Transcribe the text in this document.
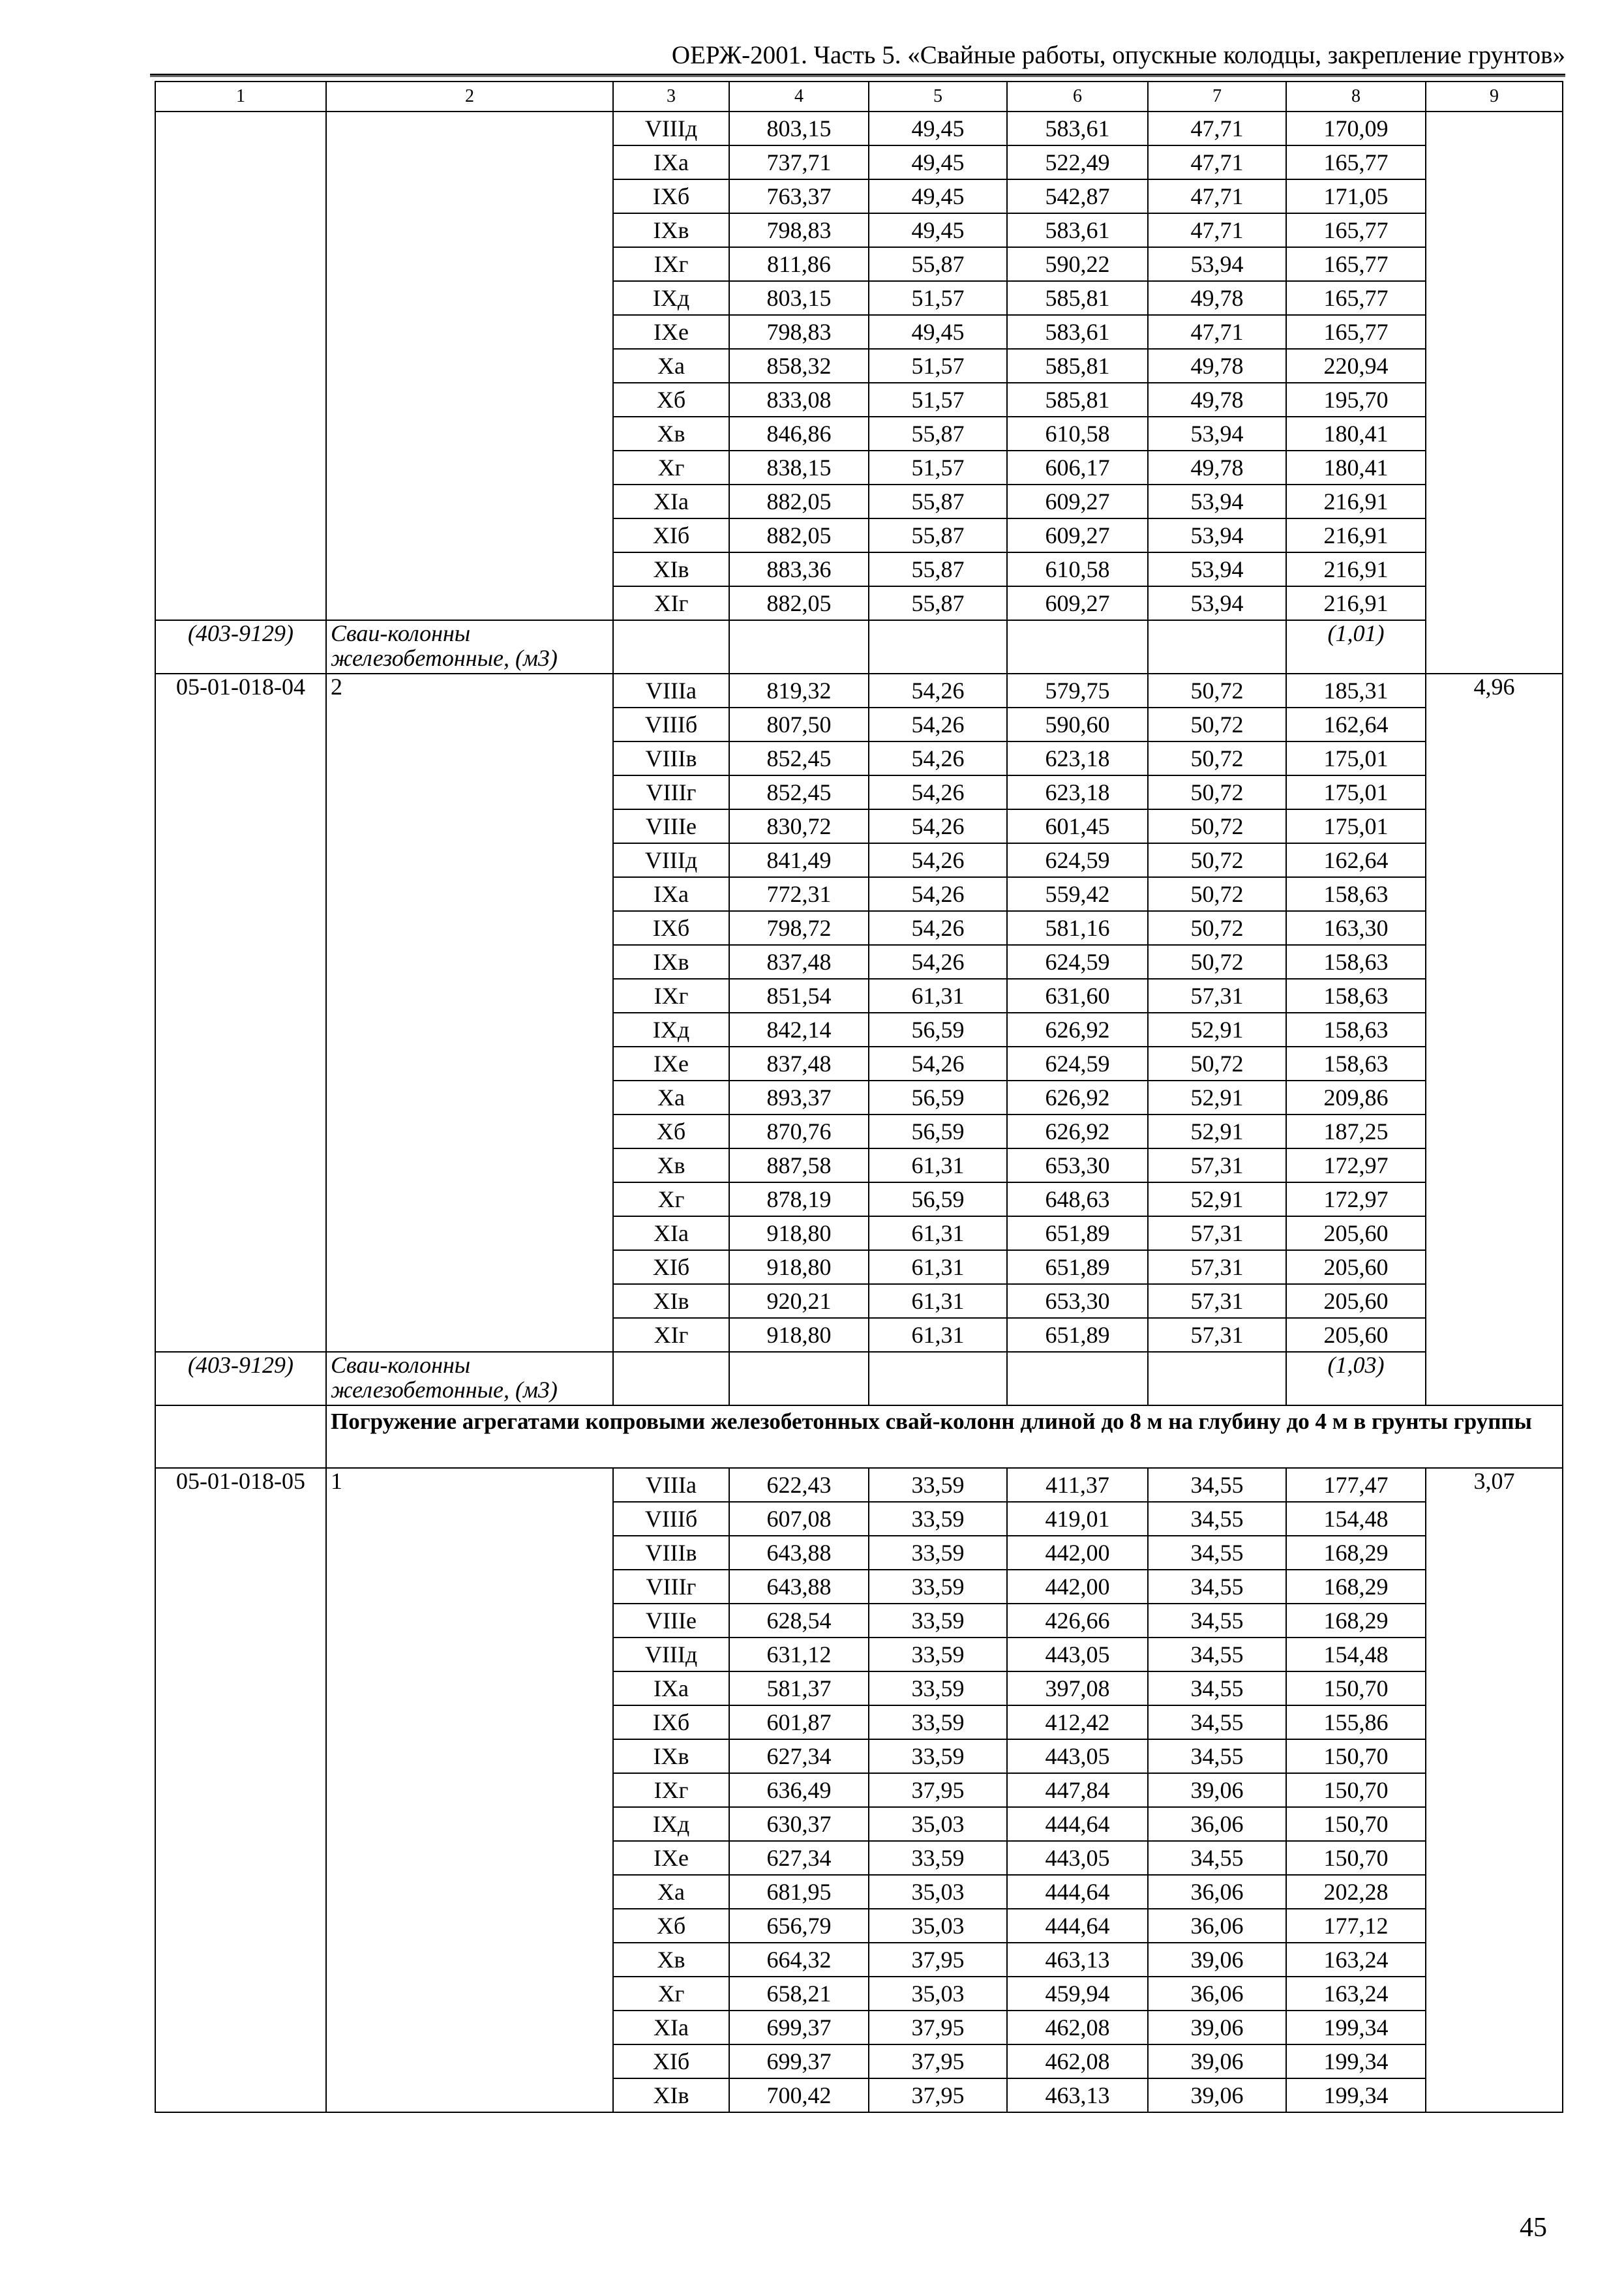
ОЕРЖ-2001. Часть 5. «Свайные работы, опускные колодцы, закрепление грунтов»
1	2	3	4	5	6	7	8	9
		VIIIд	803,15	49,45	583,61	47,71	170,09	
		IXа	737,71	49,45	522,49	47,71	165,77	
		IXб	763,37	49,45	542,87	47,71	171,05	
		IXв	798,83	49,45	583,61	47,71	165,77	
		IXг	811,86	55,87	590,22	53,94	165,77	
		IXд	803,15	51,57	585,81	49,78	165,77	
		IXе	798,83	49,45	583,61	47,71	165,77	
		Xа	858,32	51,57	585,81	49,78	220,94	
		Xб	833,08	51,57	585,81	49,78	195,70	
		Xв	846,86	55,87	610,58	53,94	180,41	
		Xг	838,15	51,57	606,17	49,78	180,41	
		XIа	882,05	55,87	609,27	53,94	216,91	
		XIб	882,05	55,87	609,27	53,94	216,91	
		XIв	883,36	55,87	610,58	53,94	216,91	
		XIг	882,05	55,87	609,27	53,94	216,91	
(403-9129)	Сваи-колонны железобетонные, (м3)						(1,01)	
05-01-018-04	2	VIIIа	819,32	54,26	579,75	50,72	185,31	4,96
		VIIIб	807,50	54,26	590,60	50,72	162,64	
		VIIIв	852,45	54,26	623,18	50,72	175,01	
		VIIIг	852,45	54,26	623,18	50,72	175,01	
		VIIIе	830,72	54,26	601,45	50,72	175,01	
		VIIIд	841,49	54,26	624,59	50,72	162,64	
		IXа	772,31	54,26	559,42	50,72	158,63	
		IXб	798,72	54,26	581,16	50,72	163,30	
		IXв	837,48	54,26	624,59	50,72	158,63	
		IXг	851,54	61,31	631,60	57,31	158,63	
		IXд	842,14	56,59	626,92	52,91	158,63	
		IXе	837,48	54,26	624,59	50,72	158,63	
		Xа	893,37	56,59	626,92	52,91	209,86	
		Xб	870,76	56,59	626,92	52,91	187,25	
		Xв	887,58	61,31	653,30	57,31	172,97	
		Xг	878,19	56,59	648,63	52,91	172,97	
		XIа	918,80	61,31	651,89	57,31	205,60	
		XIб	918,80	61,31	651,89	57,31	205,60	
		XIв	920,21	61,31	653,30	57,31	205,60	
		XIг	918,80	61,31	651,89	57,31	205,60	
(403-9129)	Сваи-колонны железобетонные, (м3)						(1,03)	
	Погружение агрегатами копровыми железобетонных свай-колонн длиной до 8 м на глубину до 4 м в грунты группы							
05-01-018-05	1	VIIIа	622,43	33,59	411,37	34,55	177,47	3,07
		VIIIб	607,08	33,59	419,01	34,55	154,48	
		VIIIв	643,88	33,59	442,00	34,55	168,29	
		VIIIг	643,88	33,59	442,00	34,55	168,29	
		VIIIе	628,54	33,59	426,66	34,55	168,29	
		VIIIд	631,12	33,59	443,05	34,55	154,48	
		IXа	581,37	33,59	397,08	34,55	150,70	
		IXб	601,87	33,59	412,42	34,55	155,86	
		IXв	627,34	33,59	443,05	34,55	150,70	
		IXг	636,49	37,95	447,84	39,06	150,70	
		IXд	630,37	35,03	444,64	36,06	150,70	
		IXе	627,34	33,59	443,05	34,55	150,70	
		Xа	681,95	35,03	444,64	36,06	202,28	
		Xб	656,79	35,03	444,64	36,06	177,12	
		Xв	664,32	37,95	463,13	39,06	163,24	
		Xг	658,21	35,03	459,94	36,06	163,24	
		XIа	699,37	37,95	462,08	39,06	199,34	
		XIб	699,37	37,95	462,08	39,06	199,34	
		XIв	700,42	37,95	463,13	39,06	199,34	
45
